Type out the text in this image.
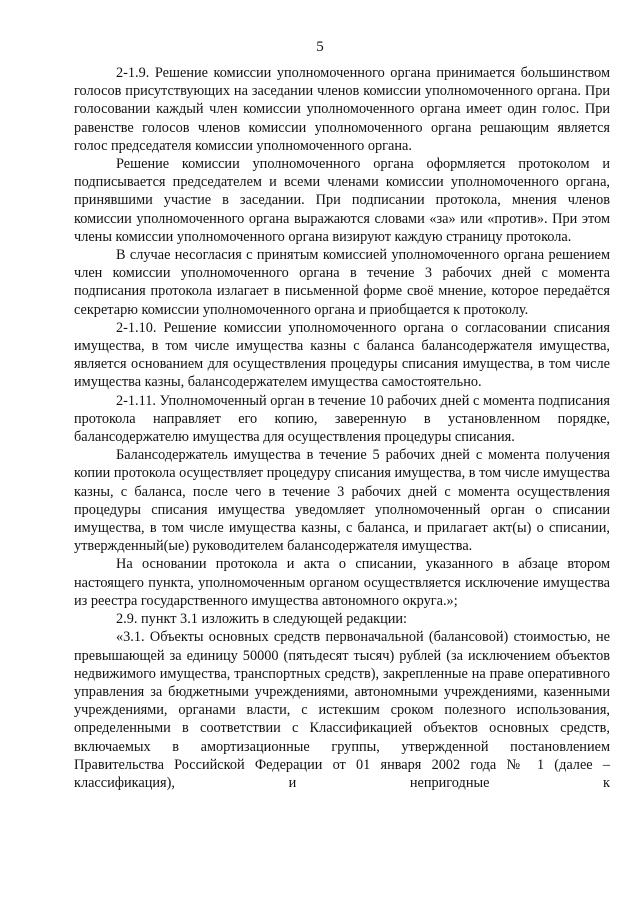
5

2-1.9. Решение комиссии уполномоченного органа принимается большинством голосов присутствующих на заседании членов комиссии уполномоченного органа. При голосовании каждый член комиссии уполномоченного органа имеет один голос. При равенстве голосов членов комиссии уполномоченного органа решающим является голос председателя комиссии уполномоченного органа.

Решение комиссии уполномоченного органа оформляется протоколом и подписывается председателем и всеми членами комиссии уполномоченного органа, принявшими участие в заседании. При подписании протокола, мнения членов комиссии уполномоченного органа выражаются словами «за» или «против». При этом члены комиссии уполномоченного органа визируют каждую страницу протокола.

В случае несогласия с принятым комиссией уполномоченного органа решением член комиссии уполномоченного органа в течение 3 рабочих дней с момента подписания протокола излагает в письменной форме своё мнение, которое передаётся секретарю комиссии уполномоченного органа и приобщается к протоколу.

2-1.10. Решение комиссии уполномоченного органа о согласовании списания имущества, в том числе имущества казны с баланса балансодержателя имущества, является основанием для осуществления процедуры списания имущества, в том числе имущества казны, балансодержателем имущества самостоятельно.

2-1.11. Уполномоченный орган в течение 10 рабочих дней с момента подписания протокола направляет его копию, заверенную в установленном порядке, балансодержателю имущества для осуществления процедуры списания.

Балансодержатель имущества в течение 5 рабочих дней с момента получения копии протокола осуществляет процедуру списания имущества, в том числе имущества казны, с баланса, после чего в течение 3 рабочих дней с момента осуществления процедуры списания имущества уведомляет уполномоченный орган о списании имущества, в том числе имущества казны, с баланса, и прилагает акт(ы) о списании, утвержденный(ые) руководителем балансодержателя имущества.

На основании протокола и акта о списании, указанного в абзаце втором настоящего пункта, уполномоченным органом осуществляется исключение имущества из реестра государственного имущества автономного округа.»;

2.9. пункт 3.1 изложить в следующей редакции:

«3.1. Объекты основных средств первоначальной (балансовой) стоимостью, не превышающей за единицу 50000 (пятьдесят тысяч) рублей (за исключением объектов недвижимого имущества, транспортных средств), закрепленные на праве оперативного управления за бюджетными учреждениями, автономными учреждениями, казенными учреждениями, органами власти, с истекшим сроком полезного использования, определенными в соответствии с Классификацией объектов основных средств, включаемых в амортизационные группы, утвержденной постановлением Правительства Российской Федерации от 01 января 2002 года № 1 (далее – классификация), и непригодные к
